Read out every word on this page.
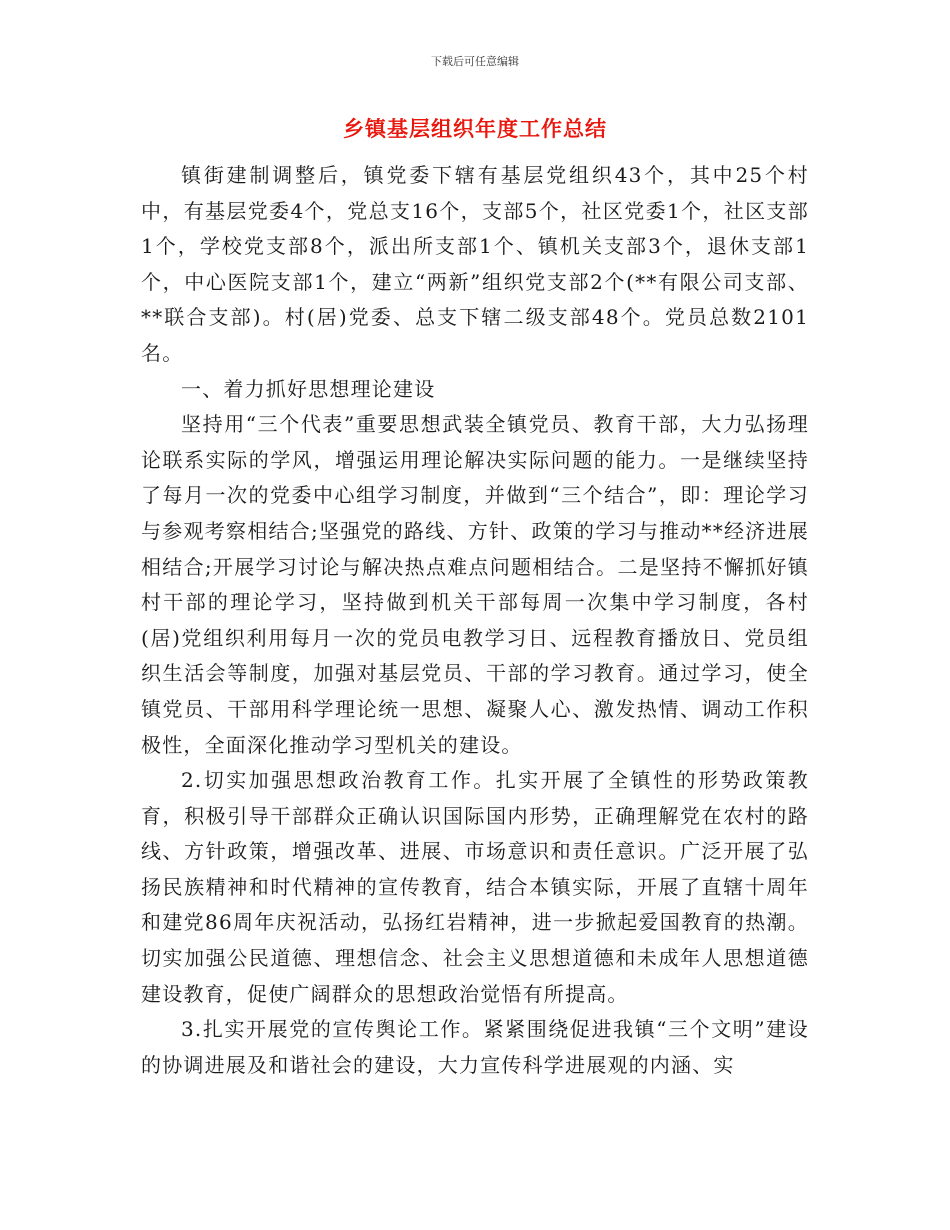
下载后可任意编辑
乡镇基层组织年度工作总结

镇街建制调整后，镇党委下辖有基层党组织43个，其中25个村中，有基层党委4个，党总支16个，支部5个，社区党委1个，社区支部1个，学校党支部8个，派出所支部1个、镇机关支部3个，退休支部1个，中心医院支部1个，建立“两新”组织党支部2个(**有限公司支部、**联合支部)。村(居)党委、总支下辖二级支部48个。党员总数2101名。

一、着力抓好思想理论建设

坚持用“三个代表”重要思想武装全镇党员、教育干部，大力弘扬理论联系实际的学风，增强运用理论解决实际问题的能力。一是继续坚持了每月一次的党委中心组学习制度，并做到“三个结合”，即：理论学习与参观考察相结合;坚强党的路线、方针、政策的学习与推动**经济进展相结合;开展学习讨论与解决热点难点问题相结合。二是坚持不懈抓好镇村干部的理论学习，坚持做到机关干部每周一次集中学习制度，各村(居)党组织利用每月一次的党员电教学习日、远程教育播放日、党员组织生活会等制度，加强对基层党员、干部的学习教育。通过学习，使全镇党员、干部用科学理论统一思想、凝聚人心、激发热情、调动工作积极性，全面深化推动学习型机关的建设。

2.切实加强思想政治教育工作。扎实开展了全镇性的形势政策教育，积极引导干部群众正确认识国际国内形势，正确理解党在农村的路线、方针政策，增强改革、进展、市场意识和责任意识。广泛开展了弘扬民族精神和时代精神的宣传教育，结合本镇实际，开展了直辖十周年和建党86周年庆祝活动，弘扬红岩精神，进一步掀起爱国教育的热潮。切实加强公民道德、理想信念、社会主义思想道德和未成年人思想道德建设教育，促使广阔群众的思想政治觉悟有所提高。

3.扎实开展党的宣传舆论工作。紧紧围绕促进我镇“三个文明”建设的协调进展及和谐社会的建设，大力宣传科学进展观的内涵、实
